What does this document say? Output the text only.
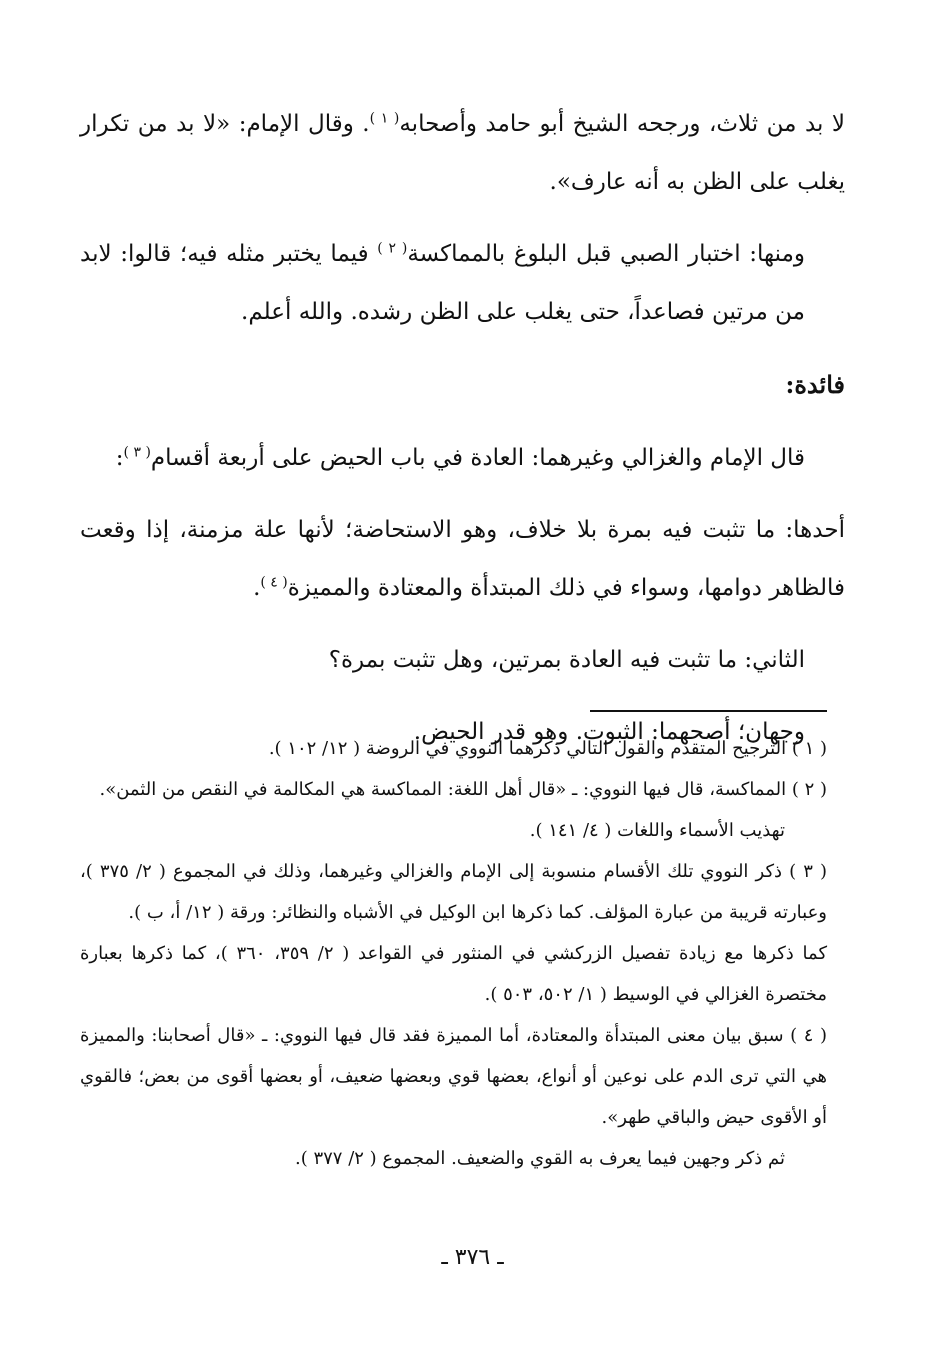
لا بد من ثلاث، ورجحه الشيخ أبو حامد وأصحابه$^{( ١ )}$. وقال الإمام: «لا بد من تكرار يغلب على الظن به أنه عارف».

ومنها: اختبار الصبي قبل البلوغ بالمماكسة$^{( ٢ )}$ فيما يختبر مثله فيه؛ قالوا: لابد من مرتين فصاعداً، حتى يغلب على الظن رشده. والله أعلم.

فائدة:

قال الإمام والغزالي وغيرهما: العادة في باب الحيض على أربعة أقسام$^{( ٣ )}$:

أحدها: ما تثبت فيه بمرة بلا خلاف، وهو الاستحاضة؛ لأنها علة مزمنة، إذا وقعت فالظاهر دوامها، وسواء في ذلك المبتدأة والمعتادة والمميزة$^{( ٤ )}$.

الثاني: ما تثبت فيه العادة بمرتين، وهل تثبت بمرة؟

وجهان؛ أصحهما: الثبوت. وهو قدر الحيض.

( ١ ) الترجيح المتقدم والقول التالي ذكرهما النووي في الروضة ( ١٢/ ١٠٢ ).

( ٢ ) المماكسة، قال فيها النووي: ـ «قال أهل اللغة: المماكسة هي المكالمة في النقص من الثمن».

تهذيب الأسماء واللغات ( ٤/ ١٤١ ).

( ٣ ) ذكر النووي تلك الأقسام منسوبة إلى الإمام والغزالي وغيرهما، وذلك في المجموع ( ٢/ ٣٧٥ )، وعبارته قريبة من عبارة المؤلف. كما ذكرها ابن الوكيل في الأشباه والنظائر: ورقة ( ١٢/ أ، ب ).

كما ذكرها مع زيادة تفصيل الزركشي في المنثور في القواعد ( ٢/ ٣٥٩، ٣٦٠ )، كما ذكرها بعبارة مختصرة الغزالي في الوسيط ( ١/ ٥٠٢، ٥٠٣ ).

( ٤ ) سبق بيان معنى المبتدأة والمعتادة، أما المميزة فقد قال فيها النووي: ـ «قال أصحابنا: والمميزة هي التي ترى الدم على نوعين أو أنواع، بعضها قوي وبعضها ضعيف، أو بعضها أقوى من بعض؛ فالقوي أو الأقوى حيض والباقي طهر».

ثم ذكر وجهين فيما يعرف به القوي والضعيف. المجموع ( ٢/ ٣٧٧ ).

ـ ٣٧٦ ـ
